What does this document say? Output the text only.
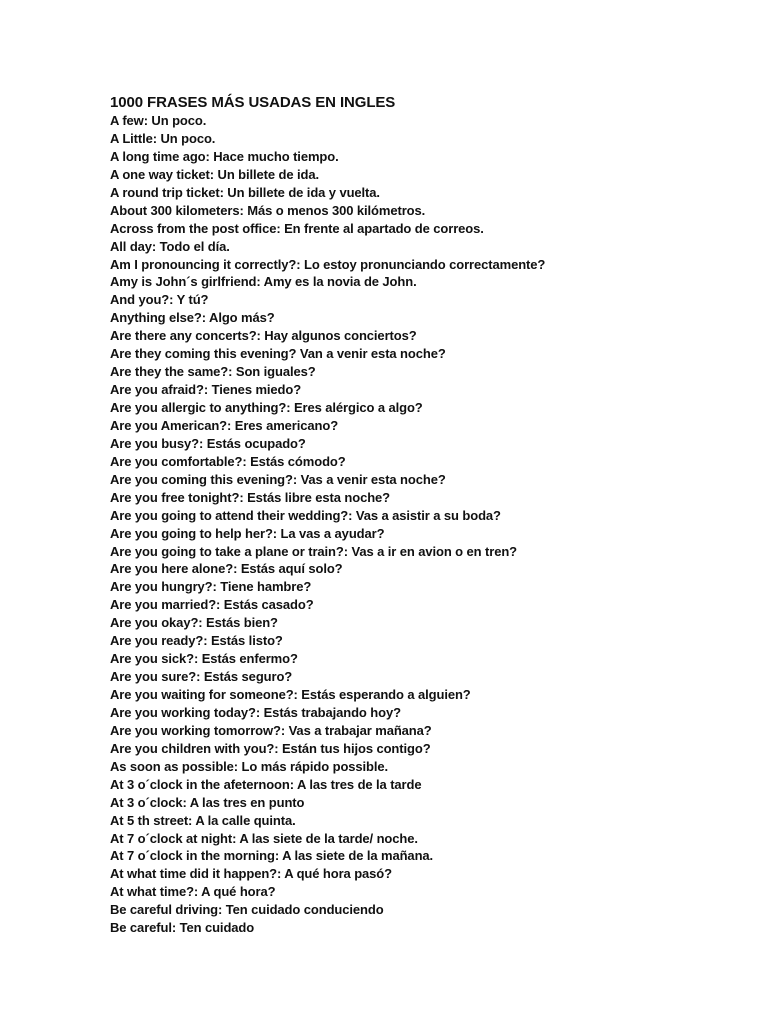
1000 FRASES MÁS USADAS EN INGLES
A few: Un poco.
A Little: Un poco.
A long time ago: Hace mucho tiempo.
A one way ticket: Un billete de ida.
A round trip ticket: Un billete de ida y vuelta.
About 300 kilometers: Más o menos 300 kilómetros.
Across from the post office: En frente al apartado de correos.
All day: Todo el día.
Am I pronouncing it correctly?: Lo estoy pronunciando correctamente?
Amy is John´s girlfriend: Amy es la novia de John.
And you?: Y tú?
Anything else?: Algo más?
Are there any concerts?: Hay algunos conciertos?
Are they coming this evening? Van a venir esta noche?
Are they the same?: Son iguales?
Are you afraid?: Tienes miedo?
Are you allergic to anything?: Eres alérgico a algo?
Are you American?: Eres americano?
Are you busy?: Estás ocupado?
Are you comfortable?: Estás cómodo?
Are you coming this evening?: Vas a venir esta noche?
Are you free tonight?: Estás libre esta noche?
Are you going to attend their wedding?: Vas a asistir a su boda?
Are you going to help her?: La vas a ayudar?
Are you going to take a plane or train?: Vas a ir en avion o en tren?
Are you here alone?: Estás aquí solo?
Are you hungry?: Tiene hambre?
Are you married?: Estás casado?
Are you okay?: Estás bien?
Are you ready?: Estás listo?
Are you sick?: Estás enfermo?
Are you sure?: Estás seguro?
Are you waiting for someone?: Estás esperando a alguien?
Are you working today?: Estás trabajando hoy?
Are you working tomorrow?: Vas a trabajar mañana?
Are you children with you?: Están tus hijos contigo?
As soon as possible: Lo más rápido possible.
At 3 o´clock in the afeternoon: A las tres de la tarde
At 3 o´clock: A las tres en punto
At 5 th street: A la calle quinta.
At 7 o´clock at night: A las siete de la tarde/ noche.
At 7 o´clock in the morning: A las siete de la mañana.
At what time did it happen?: A qué hora pasó?
At what time?: A qué hora?
Be careful driving: Ten cuidado conduciendo
Be careful: Ten cuidado
